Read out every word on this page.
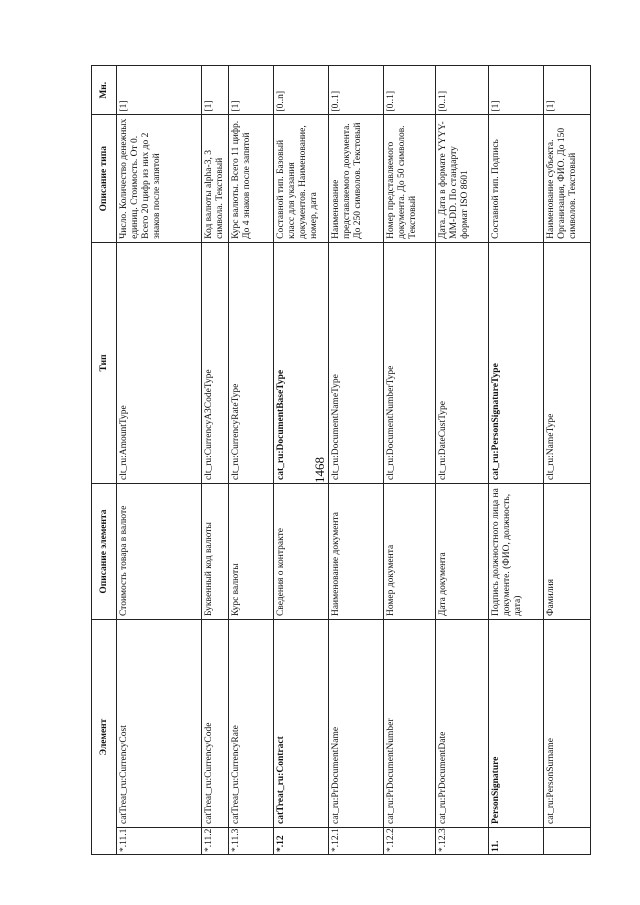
1468
Элемент	Описание элемента	Тип	Описание типа	Мн.

*.11.1
catTreat_ru:CurrencyCost	Стоимость товара в валюте	clt_ru:AmountType	Число. Количество денежных единиц. Стоимость. От 0. Всего 20 цифр из них до 2 знаков после запятой	[1]

*.11.2
catTreat_ru:CurrencyCode	Буквенный код валюты	clt_ru:CurrencyA3CodeType	Код валюты alpha-3, 3 символа. Текстовый	[1]

*.11.3
catTreat_ru:CurrencyRate	Курс валюты	clt_ru:CurrencyRateType	Курс валюты. Всего 11 цифр. До 4 знаков после запятой	[1]

*.12
catTreat_ru:Contract	Сведения о контракте	cat_ru:DocumentBaseType	Составной тип. Базовый класс для указания документов. Наименование, номер, дата	[0..n]

*.12.1
cat_ru:PrDocumentName	Наименование документа	clt_ru:DocumentNameType	Наименование представляемого документа. До 250 символов. Текстовый	[0..1]

*.12.2
cat_ru:PrDocumentNumber	Номер документа	clt_ru:DocumentNumberType	Номер представляемого документа. До 50 символов. Текстовый	[0..1]

*.12.3
cat_ru:PrDocumentDate	Дата документа	clt_ru:DateCustType	Дата. Дата в формате YYYY-MM-DD. По стандарту формат ISO 8601	[0..1]

11.
PersonSignature	Подпись должностного лица на документе. (ФИО, должность, дата)	cat_ru:PersonSignatureType	Составной тип. Подпись	[1]

cat_ru:PersonSurname	Фамилия	clt_ru:NameType	Наименование субъекта. Организация, ФИО. До 150 символов. Текстовый	[1]
